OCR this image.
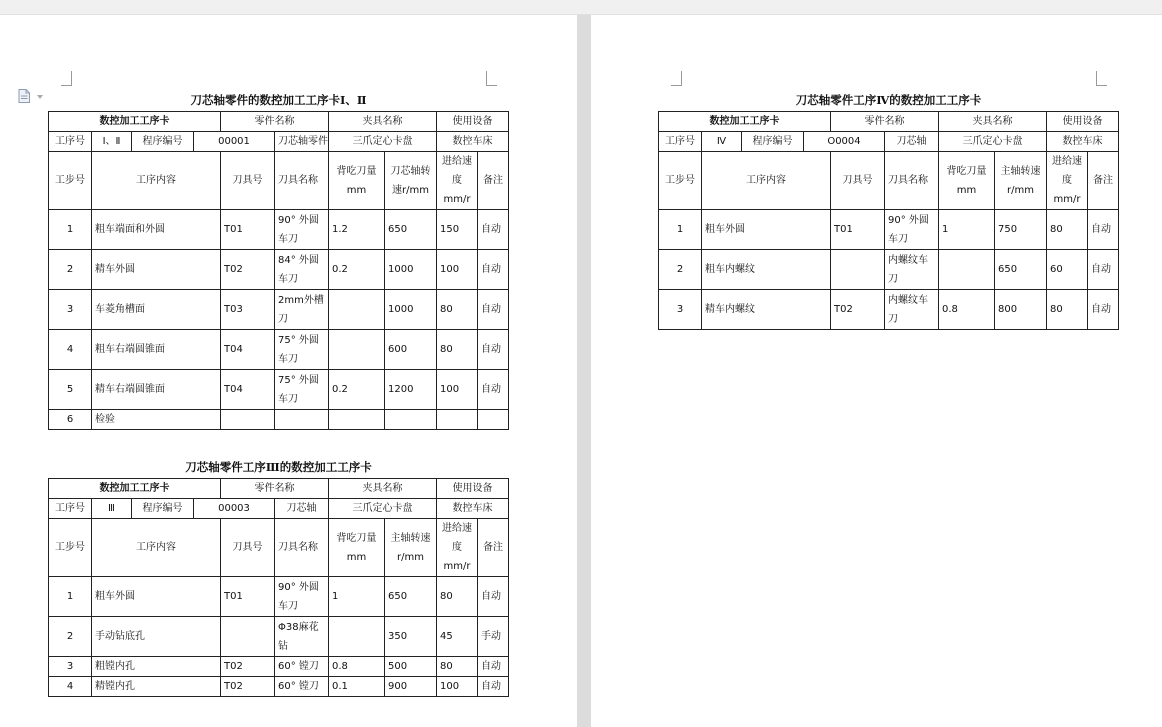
刀芯轴零件的数控加工工序卡Ⅰ、Ⅱ
数控加工工序卡				零件名称		夹具名称		使用设备	
工序号	Ⅰ、Ⅱ	程序编号	00001		刀芯轴零件	三爪定心卡盘		数控车床	
工步号	工序内容			刀具号	刀具名称	背吃刀量mm	刀芯轴转速r/mm	进给速度mm/r	备注
1	粗车端面和外圆			T01	90° 外圆车刀	1.2	650	150	自动
2	精车外圆			T02	84° 外圆车刀	0.2	1000	100	自动
3	车菱角槽面			T03	2mm外槽刀		1000	80	自动
4	粗车右端圆锥面			T04	75° 外圆车刀		600	80	自动
5	精车右端圆锥面			T04	75° 外圆车刀	0.2	1200	100	自动
6	检验								
刀芯轴零件工序Ⅲ的数控加工工序卡
数控加工工序卡				零件名称		夹具名称		使用设备	
工序号	Ⅲ	程序编号	00003		刀芯轴	三爪定心卡盘		数控车床	
工步号	工序内容			刀具号	刀具名称	背吃刀量mm	主轴转速r/mm	进给速度mm/r	备注
1	粗车外圆			T01	90° 外圆车刀	1	650	80	自动
2	手动钻底孔				Φ38麻花钻		350	45	手动
3	粗镗内孔			T02	60° 镗刀	0.8	500	80	自动
4	精镗内孔			T02	60° 镗刀	0.1	900	100	自动
刀芯轴零件工序Ⅳ的数控加工工序卡
数控加工工序卡				零件名称		夹具名称		使用设备	
工序号	Ⅳ	程序编号	O0004		刀芯轴	三爪定心卡盘		数控车床	
工步号	工序内容			刀具号	刀具名称	背吃刀量mm	主轴转速r/mm	进给速度mm/r	备注
1	粗车外圆			T01	90° 外圆车刀	1	750	80	自动
2	粗车内螺纹				内螺纹车刀		650	60	自动
3	精车内螺纹			T02	内螺纹车刀	0.8	800	80	自动
